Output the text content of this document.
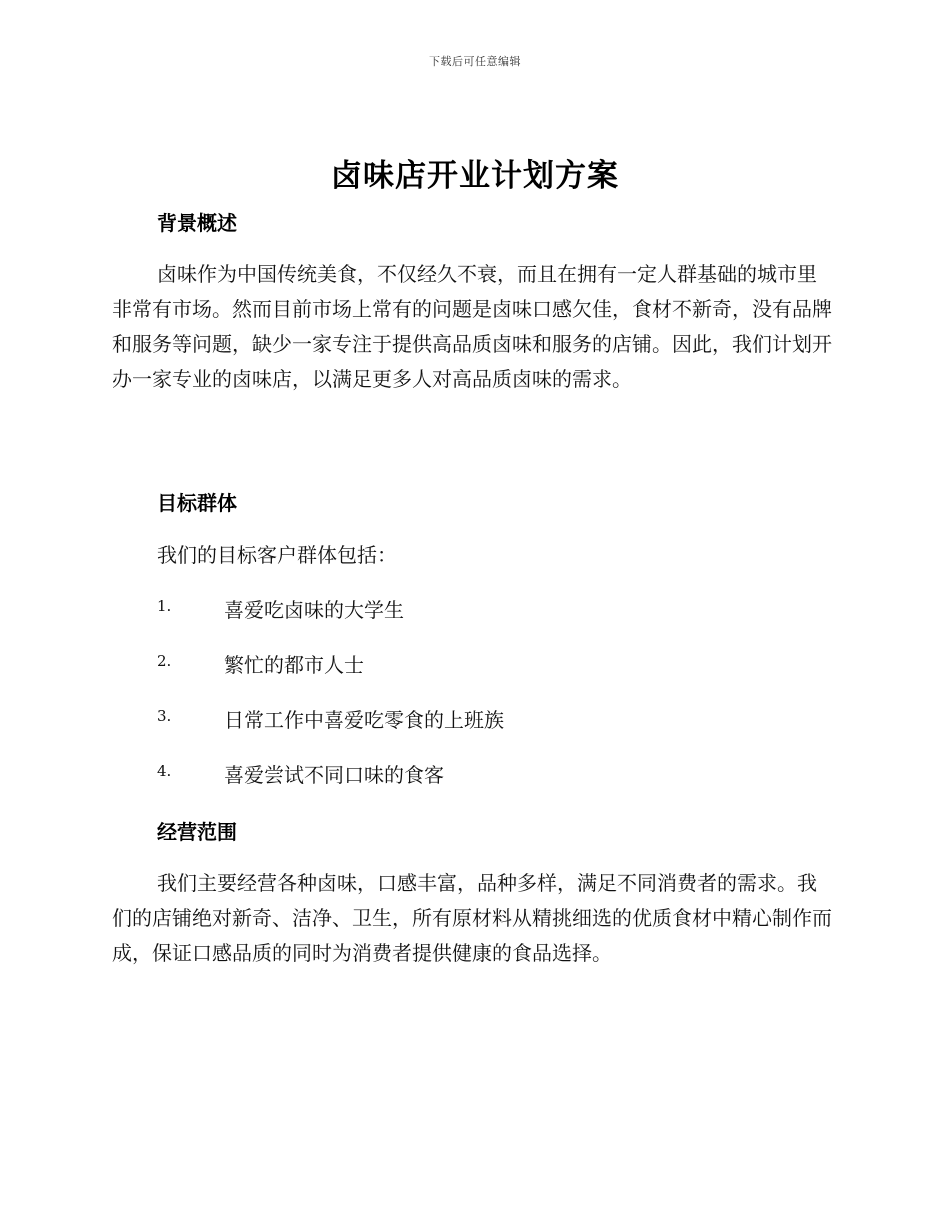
下载后可任意编辑
卤味店开业计划方案
背景概述

卤味作为中国传统美食，不仅经久不衰，而且在拥有一定人群基础的城市里非常有市场。然而目前市场上常有的问题是卤味口感欠佳，食材不新奇，没有品牌和服务等问题，缺少一家专注于提供高品质卤味和服务的店铺。因此，我们计划开办一家专业的卤味店，以满足更多人对高品质卤味的需求。

目标群体

我们的目标客户群体包括：

1.	喜爱吃卤味的大学生
2.	繁忙的都市人士
3.	日常工作中喜爱吃零食的上班族
4.	喜爱尝试不同口味的食客
经营范围

我们主要经营各种卤味，口感丰富，品种多样，满足不同消费者的需求。我们的店铺绝对新奇、洁净、卫生，所有原材料从精挑细选的优质食材中精心制作而成，保证口感品质的同时为消费者提供健康的食品选择。
